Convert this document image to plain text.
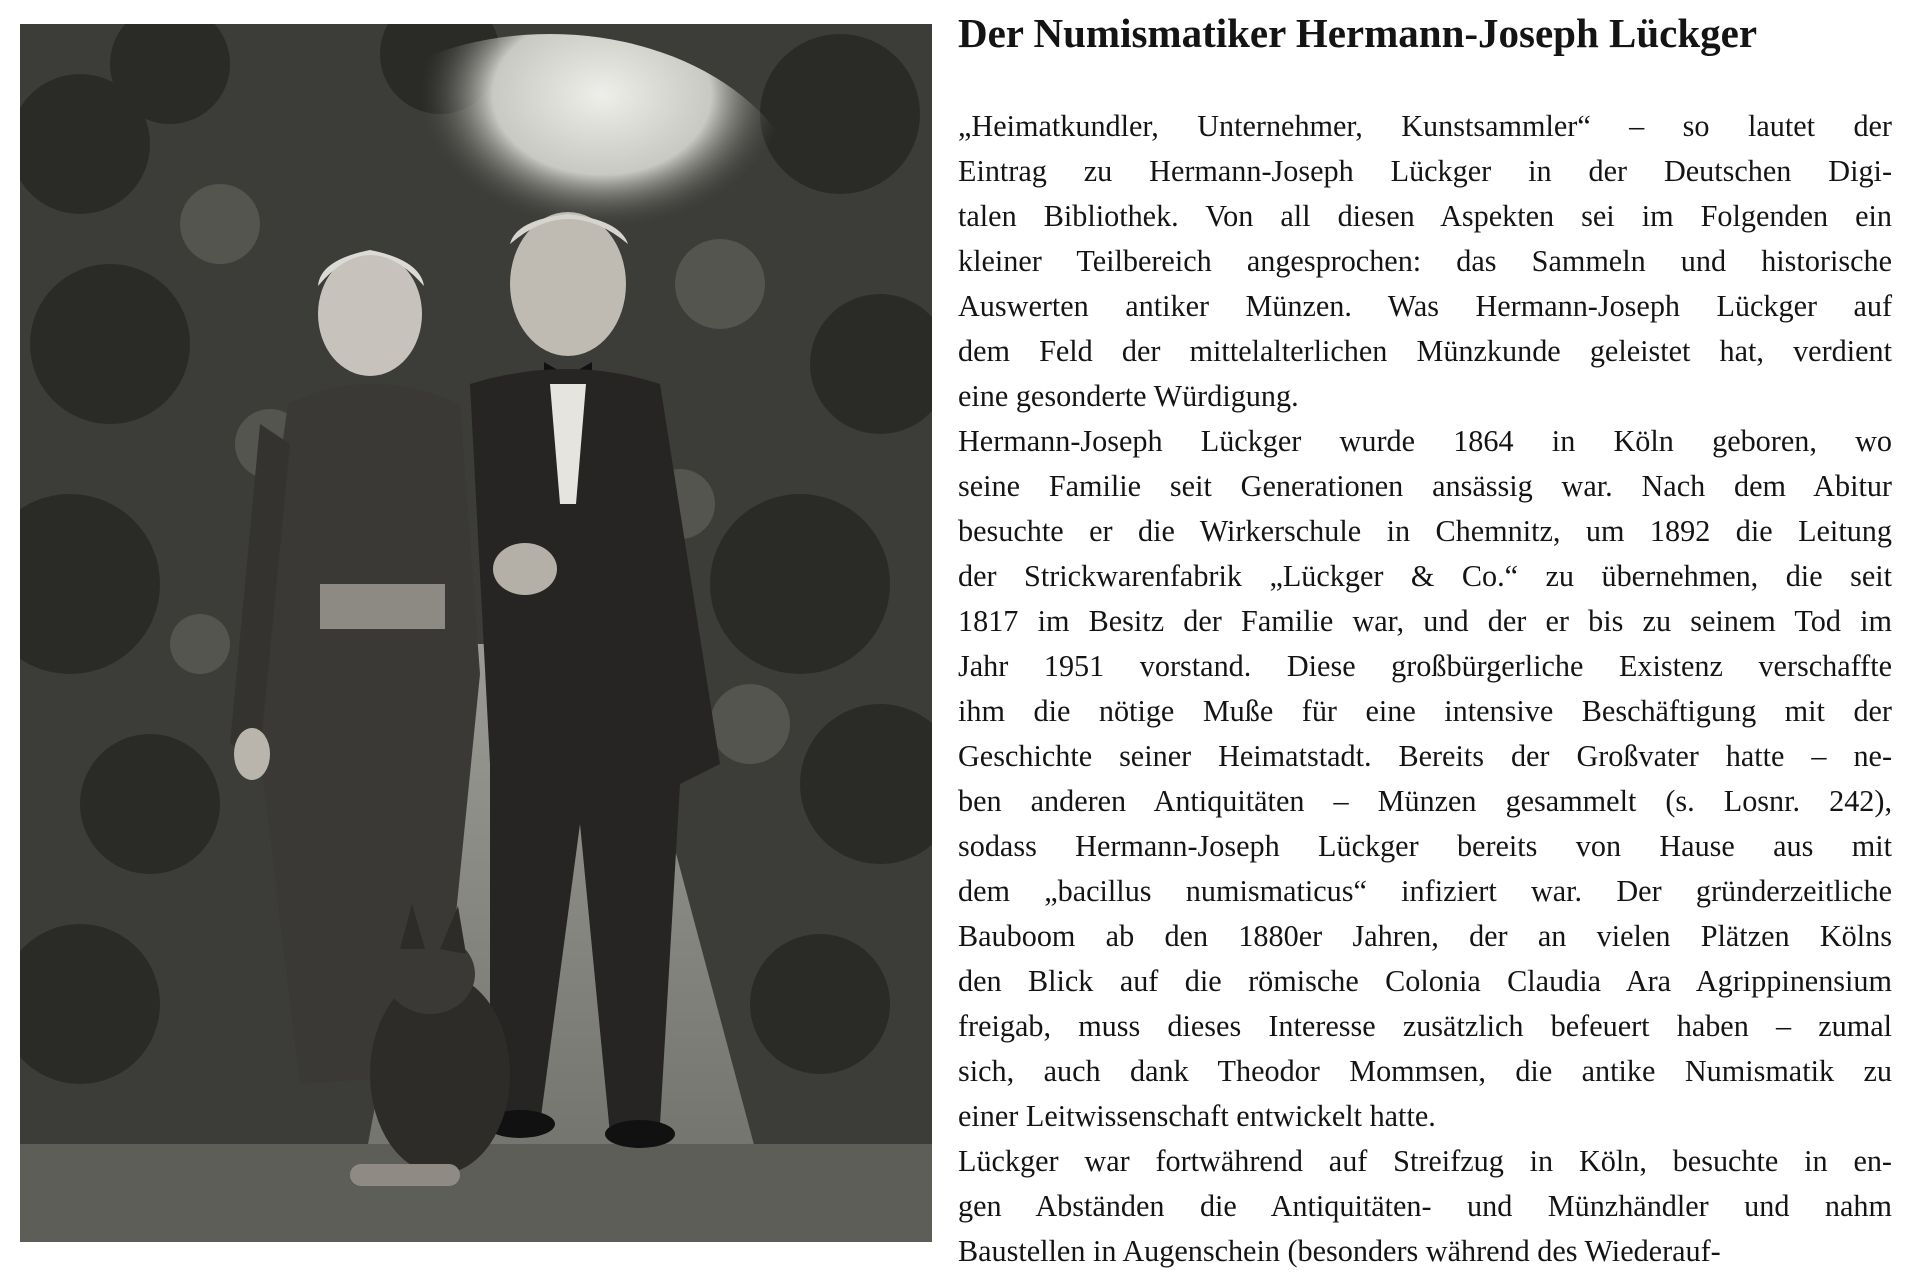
Der Numismatiker Hermann-Joseph Lückger
„Heimatkundler, Unternehmer, Kunstsammler“ – so lautet der
Eintrag zu Hermann-Joseph Lückger in der Deutschen Digi-
talen Bibliothek. Von all diesen Aspekten sei im Folgenden ein
kleiner Teilbereich angesprochen: das Sammeln und historische
Auswerten antiker Münzen. Was Hermann-Joseph Lückger auf
dem Feld der mittelalterlichen Münzkunde geleistet hat, verdient
eine gesonderte Würdigung.
Hermann-Joseph Lückger wurde 1864 in Köln geboren, wo
seine Familie seit Generationen ansässig war. Nach dem Abitur
besuchte er die Wirkerschule in Chemnitz, um 1892 die Leitung
der Strickwarenfabrik „Lückger & Co.“ zu übernehmen, die seit
1817 im Besitz der Familie war, und der er bis zu seinem Tod im
Jahr 1951 vorstand. Diese großbürgerliche Existenz verschaffte
ihm die nötige Muße für eine intensive Beschäftigung mit der
Geschichte seiner Heimatstadt. Bereits der Großvater hatte – ne-
ben anderen Antiquitäten – Münzen gesammelt (s. Losnr. 242),
sodass Hermann-Joseph Lückger bereits von Hause aus mit
dem „bacillus numismaticus“ infiziert war. Der gründerzeitliche
Bauboom ab den 1880er Jahren, der an vielen Plätzen Kölns
den Blick auf die römische Colonia Claudia Ara Agrippinensium
freigab, muss dieses Interesse zusätzlich befeuert haben – zumal
sich, auch dank Theodor Mommsen, die antike Numismatik zu
einer Leitwissenschaft entwickelt hatte.
Lückger war fortwährend auf Streifzug in Köln, besuchte in en-
gen Abständen die Antiquitäten- und Münzhändler und nahm
Baustellen in Augenschein (besonders während des Wiederauf-
